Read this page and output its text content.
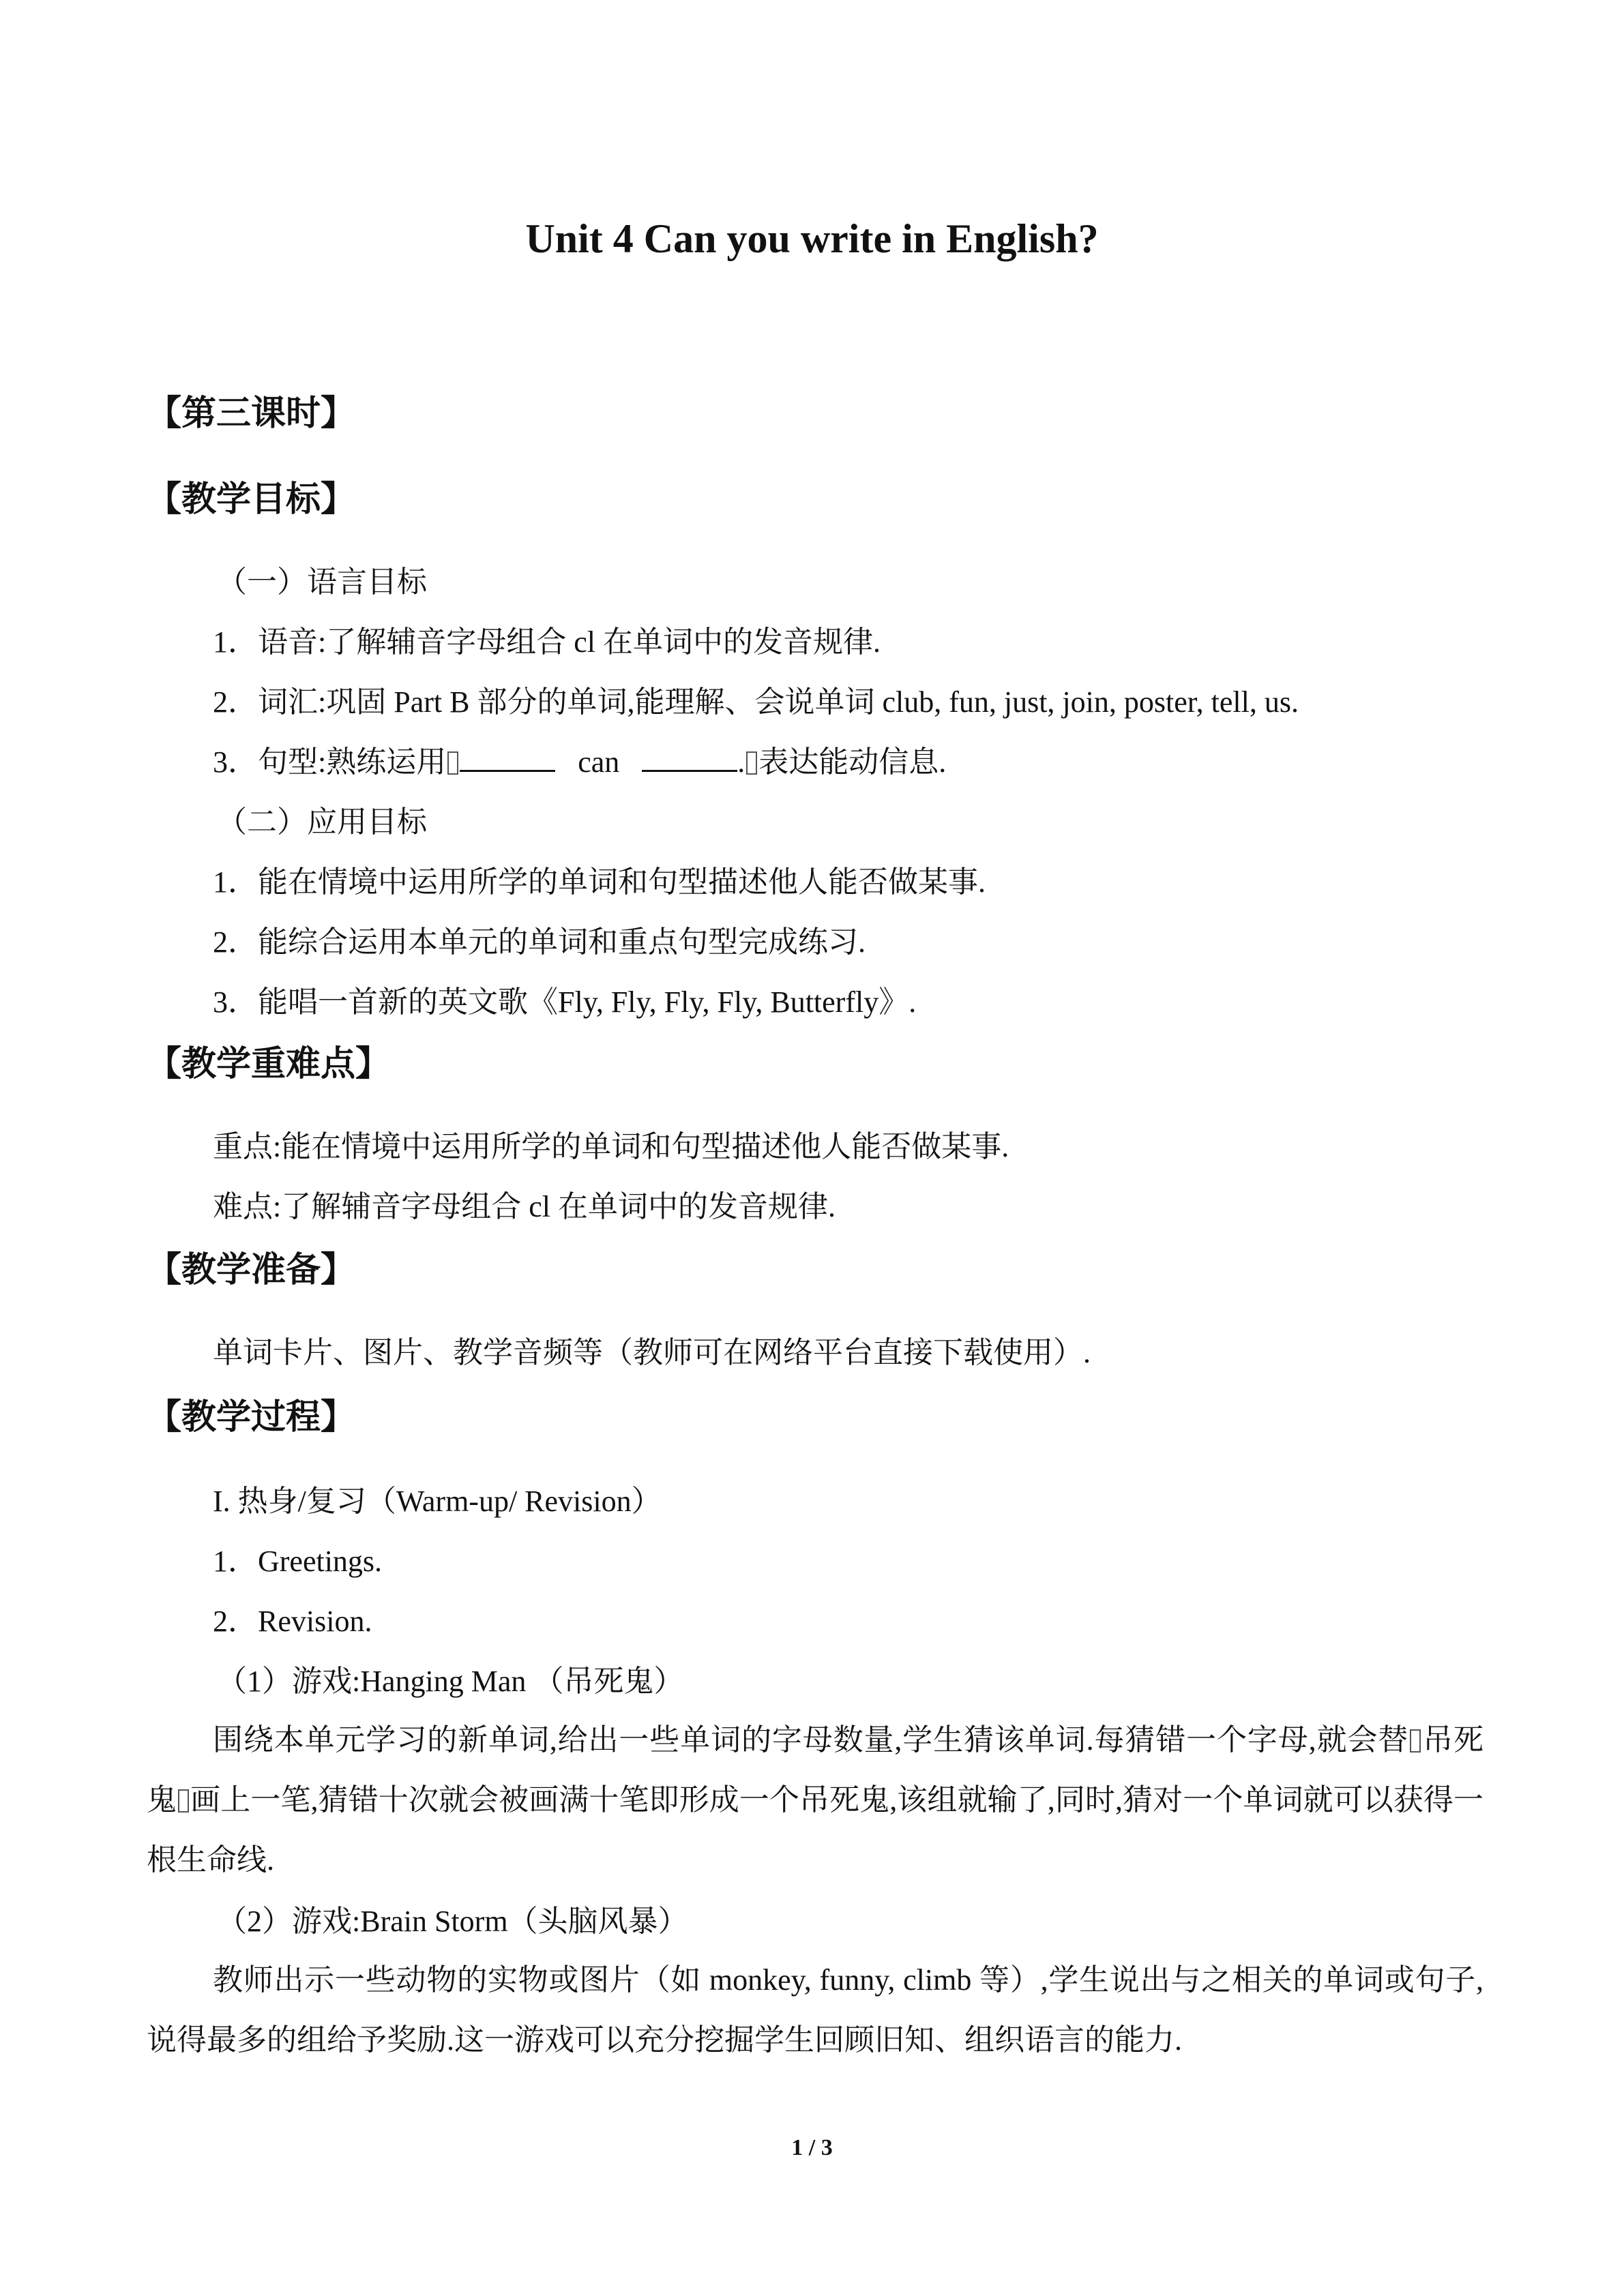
Unit 4 Can you write in English?
【第三课时】
【教学目标】
（一）语言目标
1．语音:了解辅音字母组合 cl 在单词中的发音规律.
2．词汇:巩固 Part B 部分的单词,能理解、会说单词 club, fun, just, join, poster, tell, us.
3．句型:熟练运用	can	. 表达能动信息.
（二）应用目标
1．能在情境中运用所学的单词和句型描述他人能否做某事.
2．能综合运用本单元的单词和重点句型完成练习.
3．能唱一首新的英文歌《Fly, Fly, Fly, Fly, Butterfly》.
【教学重难点】
重点:能在情境中运用所学的单词和句型描述他人能否做某事.
难点:了解辅音字母组合 cl 在单词中的发音规律.
【教学准备】
单词卡片、图片、教学音频等（教师可在网络平台直接下载使用）.
【教学过程】
I. 热身/复习（Warm-up/ Revision）
1．Greetings.
2．Revision.
（1）游戏:Hanging Man （吊死鬼）
围绕本单元学习的新单词,给出一些单词的字母数量,学生猜该单词.每猜错一个字母,就会替 吊死鬼 画上一笔,猜错十次就会被画满十笔即形成一个吊死鬼,该组就输了,同时,猜对一个单词就可以获得一根生命线.
（2）游戏:Brain Storm（头脑风暴）
教师出示一些动物的实物或图片（如 monkey, funny, climb 等）,学生说出与之相关的单词或句子,说得最多的组给予奖励.这一游戏可以充分挖掘学生回顾旧知、组织语言的能力.
1 / 3
